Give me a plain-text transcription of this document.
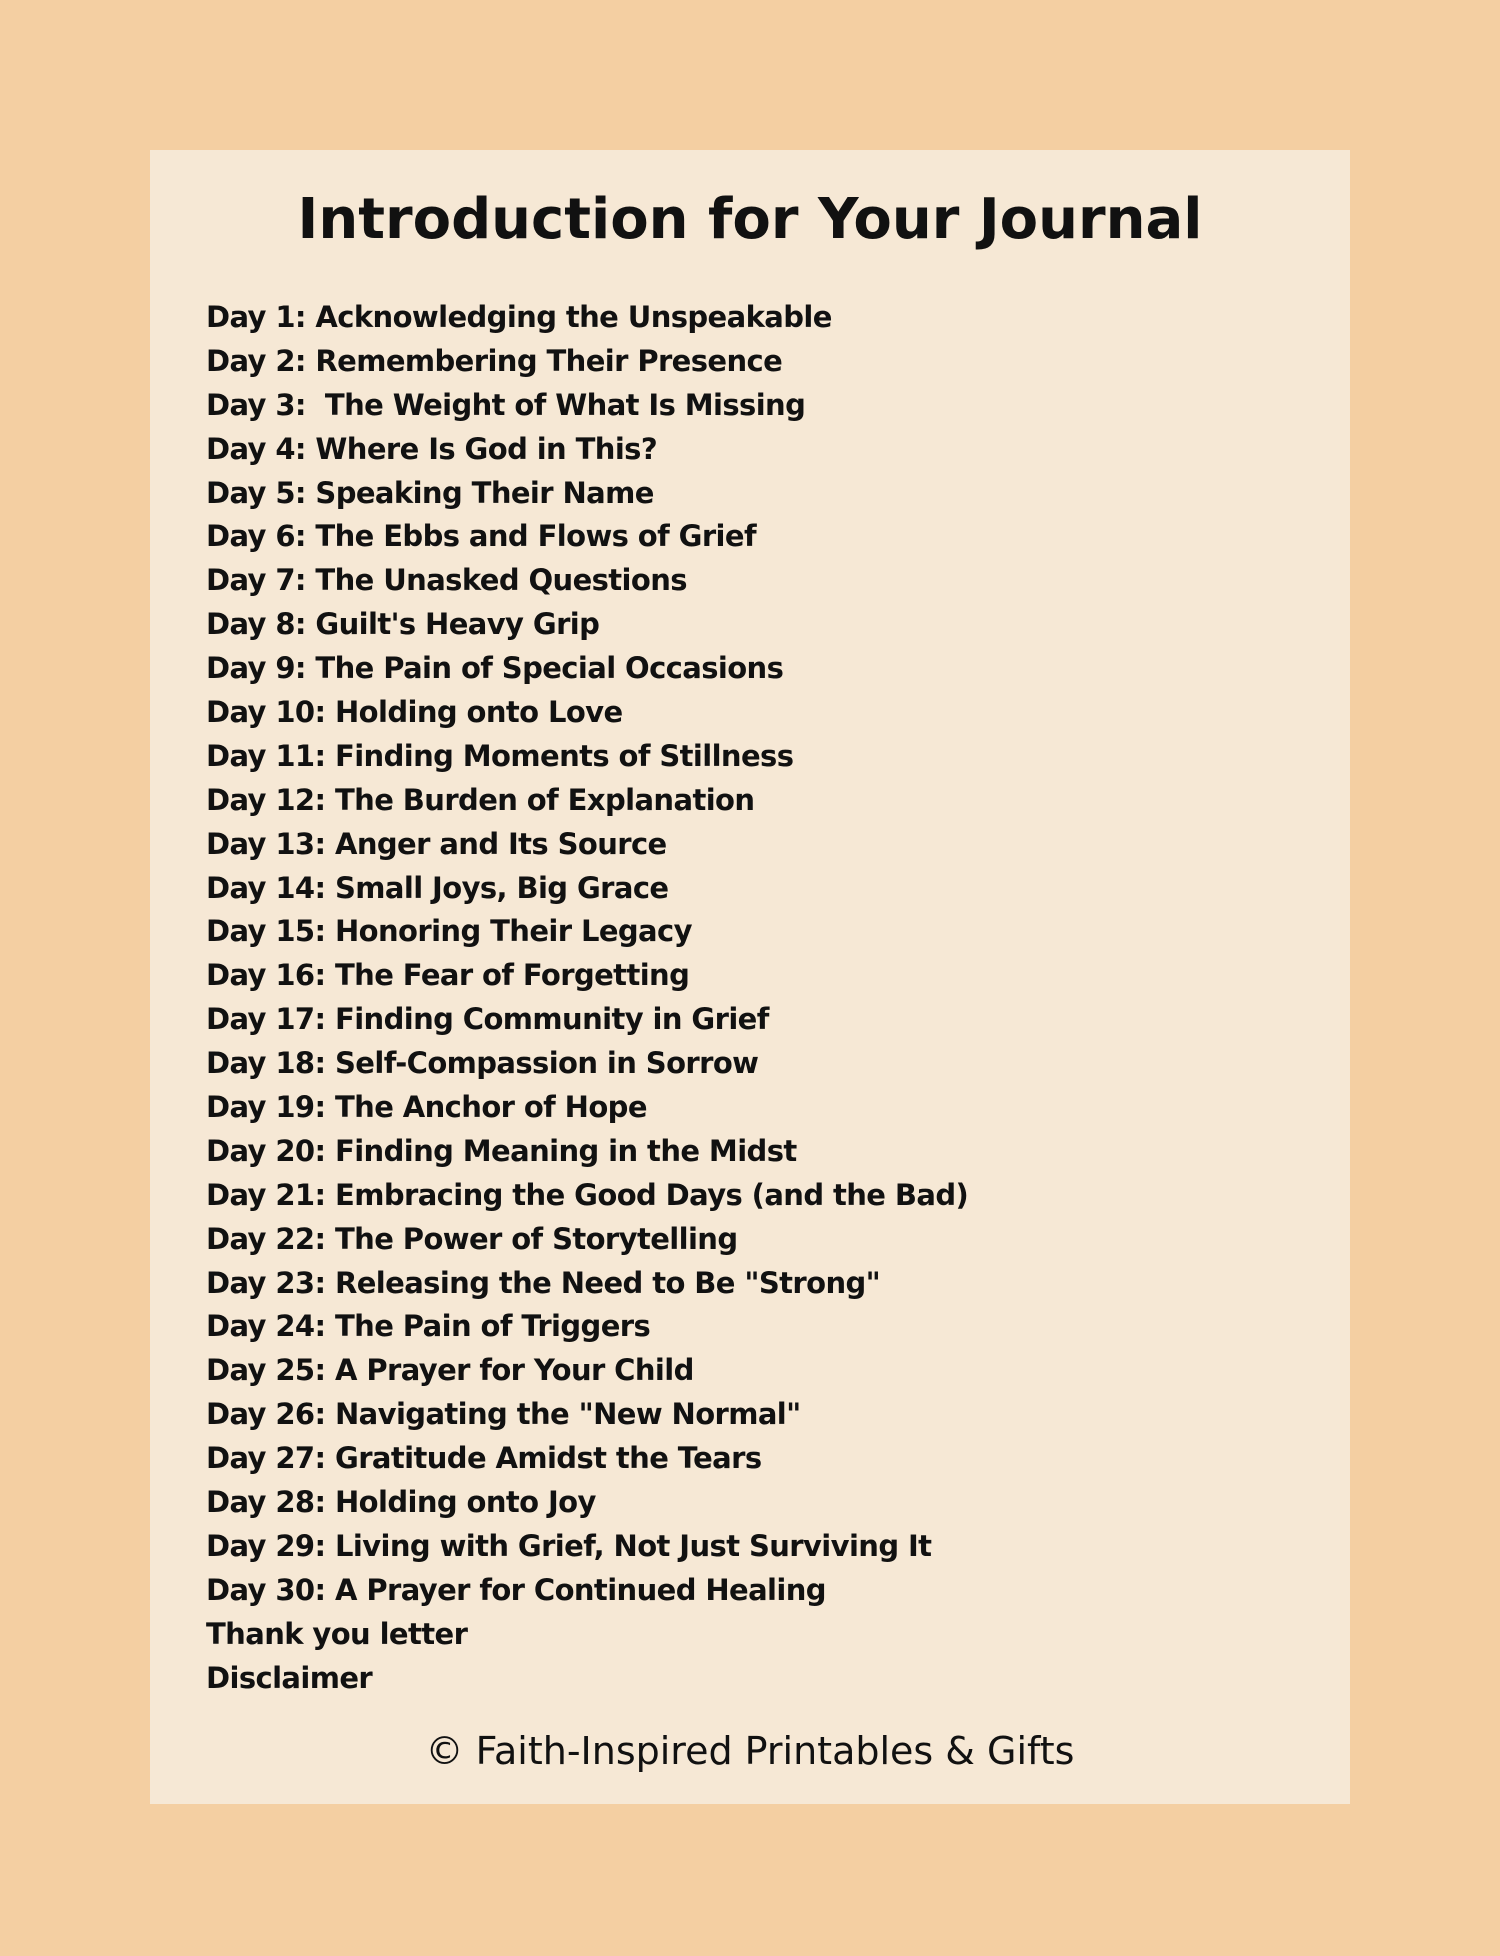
Introduction for Your Journal
Day 1: Acknowledging the Unspeakable
Day 2: Remembering Their Presence
Day 3:  The Weight of What Is Missing
Day 4: Where Is God in This?
Day 5: Speaking Their Name
Day 6: The Ebbs and Flows of Grief
Day 7: The Unasked Questions
Day 8: Guilt's Heavy Grip
Day 9: The Pain of Special Occasions
Day 10: Holding onto Love
Day 11: Finding Moments of Stillness
Day 12: The Burden of Explanation
Day 13: Anger and Its Source
Day 14: Small Joys, Big Grace
Day 15: Honoring Their Legacy
Day 16: The Fear of Forgetting
Day 17: Finding Community in Grief
Day 18: Self-Compassion in Sorrow
Day 19: The Anchor of Hope
Day 20: Finding Meaning in the Midst
Day 21: Embracing the Good Days (and the Bad)
Day 22: The Power of Storytelling
Day 23: Releasing the Need to Be "Strong"
Day 24: The Pain of Triggers
Day 25: A Prayer for Your Child
Day 26: Navigating the "New Normal"
Day 27: Gratitude Amidst the Tears
Day 28: Holding onto Joy
Day 29: Living with Grief, Not Just Surviving It
Day 30: A Prayer for Continued Healing
Thank you letter
Disclaimer
© Faith-Inspired Printables & Gifts
